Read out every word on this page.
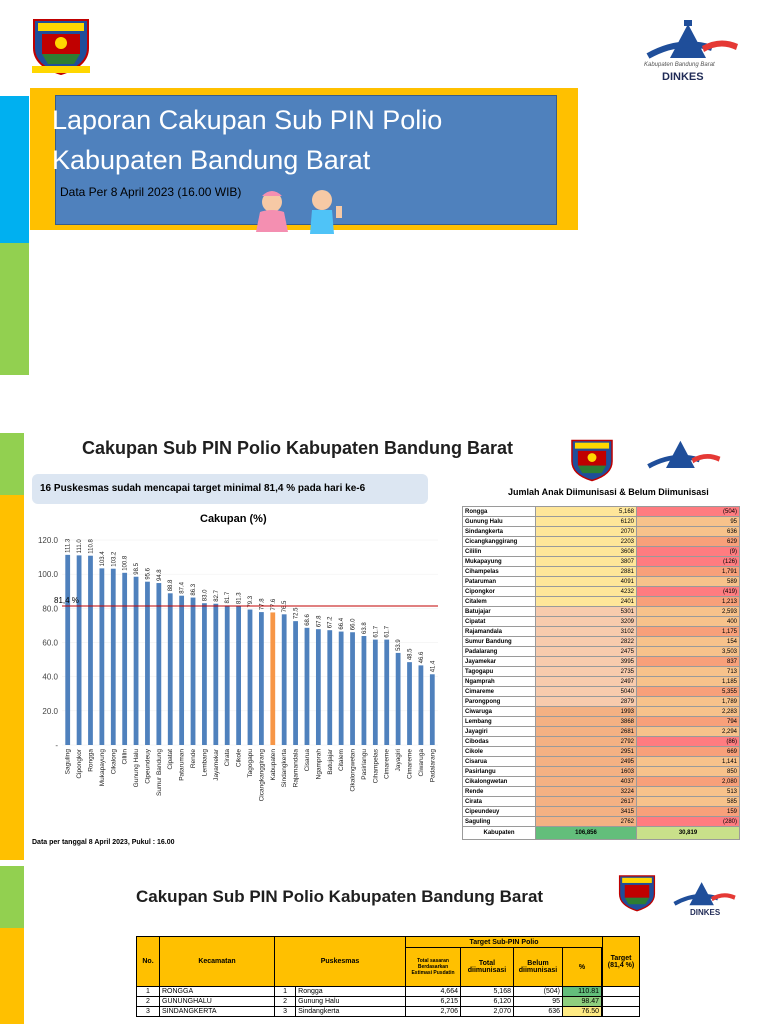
Kabupaten Bandung Barat
DINKES
Laporan Cakupan Sub PIN Polio
Kabupaten Bandung Barat
Data Per 8 April 2023 (16.00 WIB)
Cakupan Sub PIN Polio Kabupaten Bandung Barat
16 Puskesmas sudah mencapai target minimal 81,4 % pada hari ke-6
Cakupan (%)
120.0
100.0
80.0
60.0
40.0
20.0
-
111.3
Saguling
111.0
Cipongkor
110.8
Rongga
103.4
Mukapayung
103.2
Cikalong
100.8
Cililin
98.5
Gunung Halu
95.6
Cipeundeuy
94.8
Sumur Bandung
88.8
Cipatat
87.4
Pataruman
86.3
Rende
83.0
Lembang
82.7
Jayamekar
81.7
Cirata
81.3
Cikole
79.3
Tagogapu
77.8
Cicangkanggirang
77.6
Kabupaten
76.5
Sindangkerta
72.5
Rajamandala
68.6
Cisarua
67.8
Ngamprah
67.2
Batujajar
66.4
Citalem
66.0
Cikalongwetan
63.8
Pasirlangu
61.7
Cihampelas
61.7
Cimareme
53.9
Jayagiri
48.5
Cimareme
46.6
Ciwaruga
41.4
Padalarang
81,4 %
Data per tanggal 8 April 2023, Pukul : 16.00
Jumlah Anak Diimunisasi & Belum Diimunisasi
Rongga	5,168	(504)
Gunung Halu	6120	95
Sindangkerta	2070	636
Cicangkanggirang	2203	629
Cililin	3608	(9)
Mukapayung	3807	(126)
Cihampelas	2881	1,791
Pataruman	4091	589
Cipongkor	4232	(419)
Citalem	2401	1,213
Batujajar	5301	2,593
Cipatat	3209	400
Rajamandala	3102	1,175
Sumur Bandung	2822	154
Padalarang	2475	3,503
Jayamekar	3995	837
Tagogapu	2735	713
Ngamprah	2497	1,185
Cimareme	5040	5,355
Parongpong	2879	1,789
Ciwaruga	1993	2,283
Lembang	3868	794
Jayagiri	2681	2,294
Cibodas	2792	(86)
Cikole	2951	669
Cisarua	2495	1,141
Pasirlangu	1603	850
Cikalongwetan	4037	2,080
Rende	3224	513
Cirata	2617	585
Cipeundeuy	3415	159
Saguling	2762	(280)
Kabupaten	106,856	30,819
Cakupan Sub PIN Polio Kabupaten Bandung Barat
DINKES
No.	Kecamatan	Puskesmas		Target Sub-PIN Polio				Target (81,4 %)
				Total sasaran Berdasarkan Estimasi Pusdatin	Total diimunisasi	Belum diimunisasi	%	
1	RONGGA	1	Rongga	4,664	5,168	(504)	110.81		
2	GUNUNGHALU	2	Gunung Halu	6,215	6,120	95	98.47		
3	SINDANGKERTA	3	Sindangkerta	2,706	2,070	636	76.50		
